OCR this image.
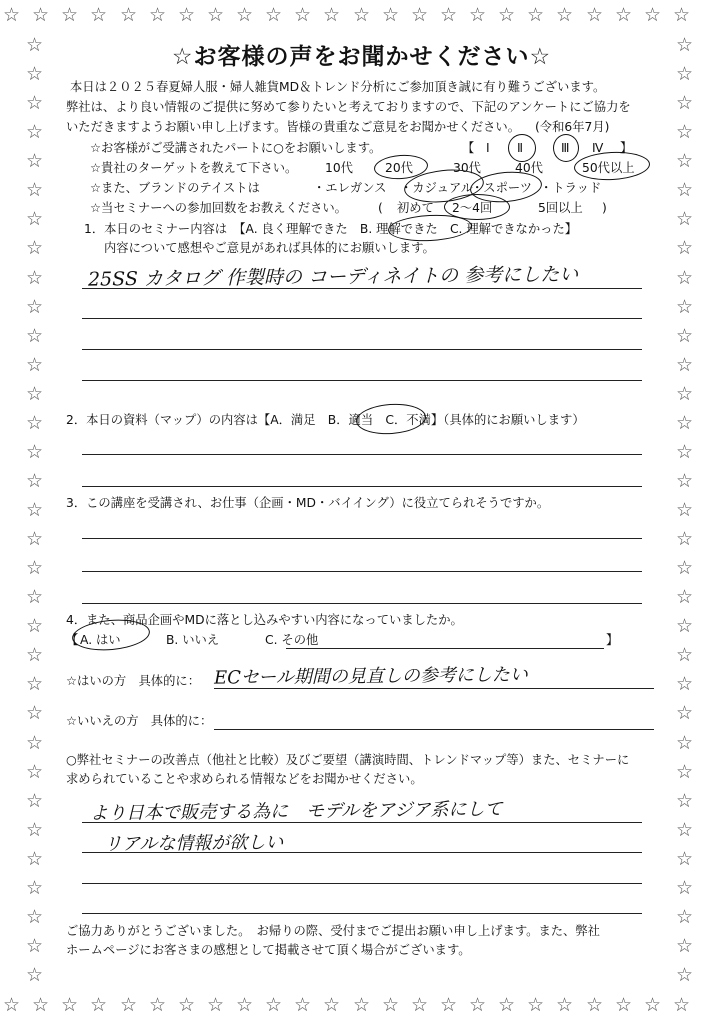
☆
☆
☆
☆
☆
☆
☆
☆
☆
☆
☆
☆
☆
☆
☆
☆
☆
☆
☆
☆
☆
☆
☆
☆
☆
☆
☆
☆
☆
☆
☆
☆
☆
☆
☆
☆
☆
☆
☆
☆
☆
☆
☆
☆
☆
☆
☆
☆
☆	☆
☆	☆
☆	☆
☆	☆
☆	☆
☆	☆
☆	☆
☆	☆
☆	☆
☆	☆
☆	☆
☆	☆
☆	☆
☆	☆
☆	☆
☆	☆
☆	☆
☆	☆
☆	☆
☆	☆
☆	☆
☆	☆
☆	☆
☆	☆
☆	☆
☆	☆
☆	☆
☆	☆
☆	☆
☆	☆
☆	☆
☆	☆
☆	☆
☆お客様の声をお聞かせください☆
本日は２０２５春夏婦人服・婦人雑貨MD＆トレンド分析にご参加頂き誠に有り難うございます。
弊社は、より良い情報のご提供に努めて参りたいと考えておりますので、下記のアンケートにご協力を
いただきますようお願い申し上げます。皆様の貴重なご意見をお聞かせください。 (令和6年7月)
☆お客様がご受講されたパートに○をお願いします。	【 Ⅰ Ⅱ	Ⅲ Ⅳ 】
☆貴社のターゲットを教えて下さい。 10代	20代	30代	40代	50代以上
☆また、ブランドのテイストは	・エレガンス ・カジュアル
・スポーツ ・トラッド
☆当セミナーへの参加回数をお教えください。	( 初めて 2～4回	5回以上 )
1．本日のセミナー内容は　【A. 良く理解できた　B. 理解できた　C. 理解できなかった】
内容について感想やご意見があれば具体的にお願いします。
25SS カタログ 作製時の コーディネイトの 参考にしたい
2．本日の資料（マップ）の内容は【A．満足　B．適当　C．不満】（具体的にお願いします）
3．この講座を受講され、お仕事（企画・MD・バイイング）に役立てられそうですか。
4．また、商品企画やMDに落とし込みやすい内容になっていましたか。
【 A. はい	B. いいえ	C. その他	】
☆はいの方　具体的に： ECセール期間の見直しの参考にしたい
☆いいえの方　具体的に：
○弊社セミナーの改善点（他社と比較）及びご要望（講演時間、トレンドマップ等）また、セミナーに
求められていることや求められる情報などをお聞かせください。
より日本で販売する為に　モデルをアジア系にして
リアルな情報が欲しい
ご協力ありがとうございました。　お帰りの際、受付までご提出お願い申し上げます。また、弊社
ホームページにお客さまの感想として掲載させて頂く場合がございます。
